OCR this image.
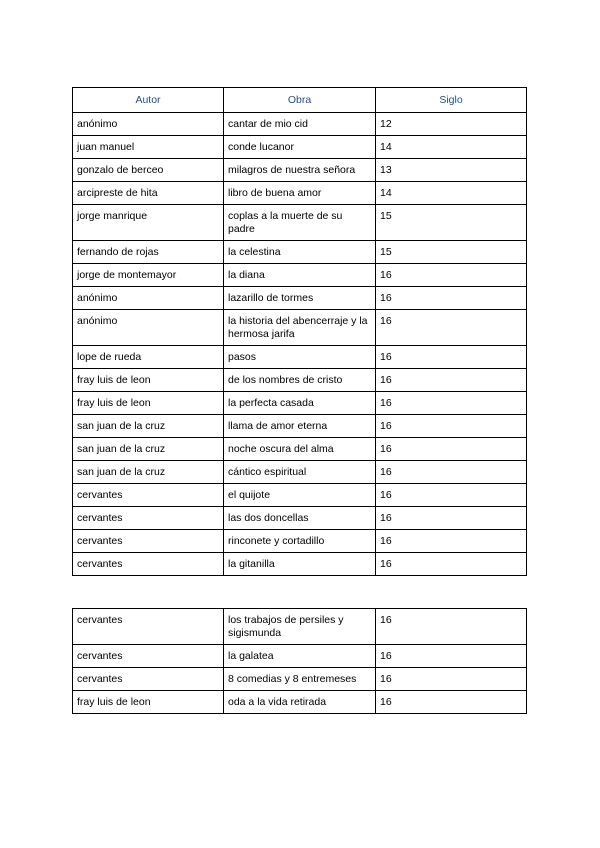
Autor	Obra	Siglo
anónimo	cantar de mio cid	12
juan manuel	conde lucanor	14
gonzalo de berceo	milagros de nuestra señora	13
arcipreste de hita	libro de buena amor	14
jorge manrique	coplas a la muerte de su padre	15
fernando de rojas	la celestina	15
jorge de montemayor	la diana	16
anónimo	lazarillo de tormes	16
anónimo	la historia del abencerraje y la hermosa jarifa	16
lope de rueda	pasos	16
fray luis de leon	de los nombres de cristo	16
fray luis de leon	la perfecta casada	16
san juan de la cruz	llama de amor eterna	16
san juan de la cruz	noche oscura del alma	16
san juan de la cruz	cántico espiritual	16
cervantes	el quijote	16
cervantes	las dos doncellas	16
cervantes	rinconete y cortadillo	16
cervantes	la gitanilla	16
cervantes	los trabajos de persiles y sigismunda	16
cervantes	la galatea	16
cervantes	8 comedias y 8 entremeses	16
fray luis de leon	oda a la vida retirada	16
